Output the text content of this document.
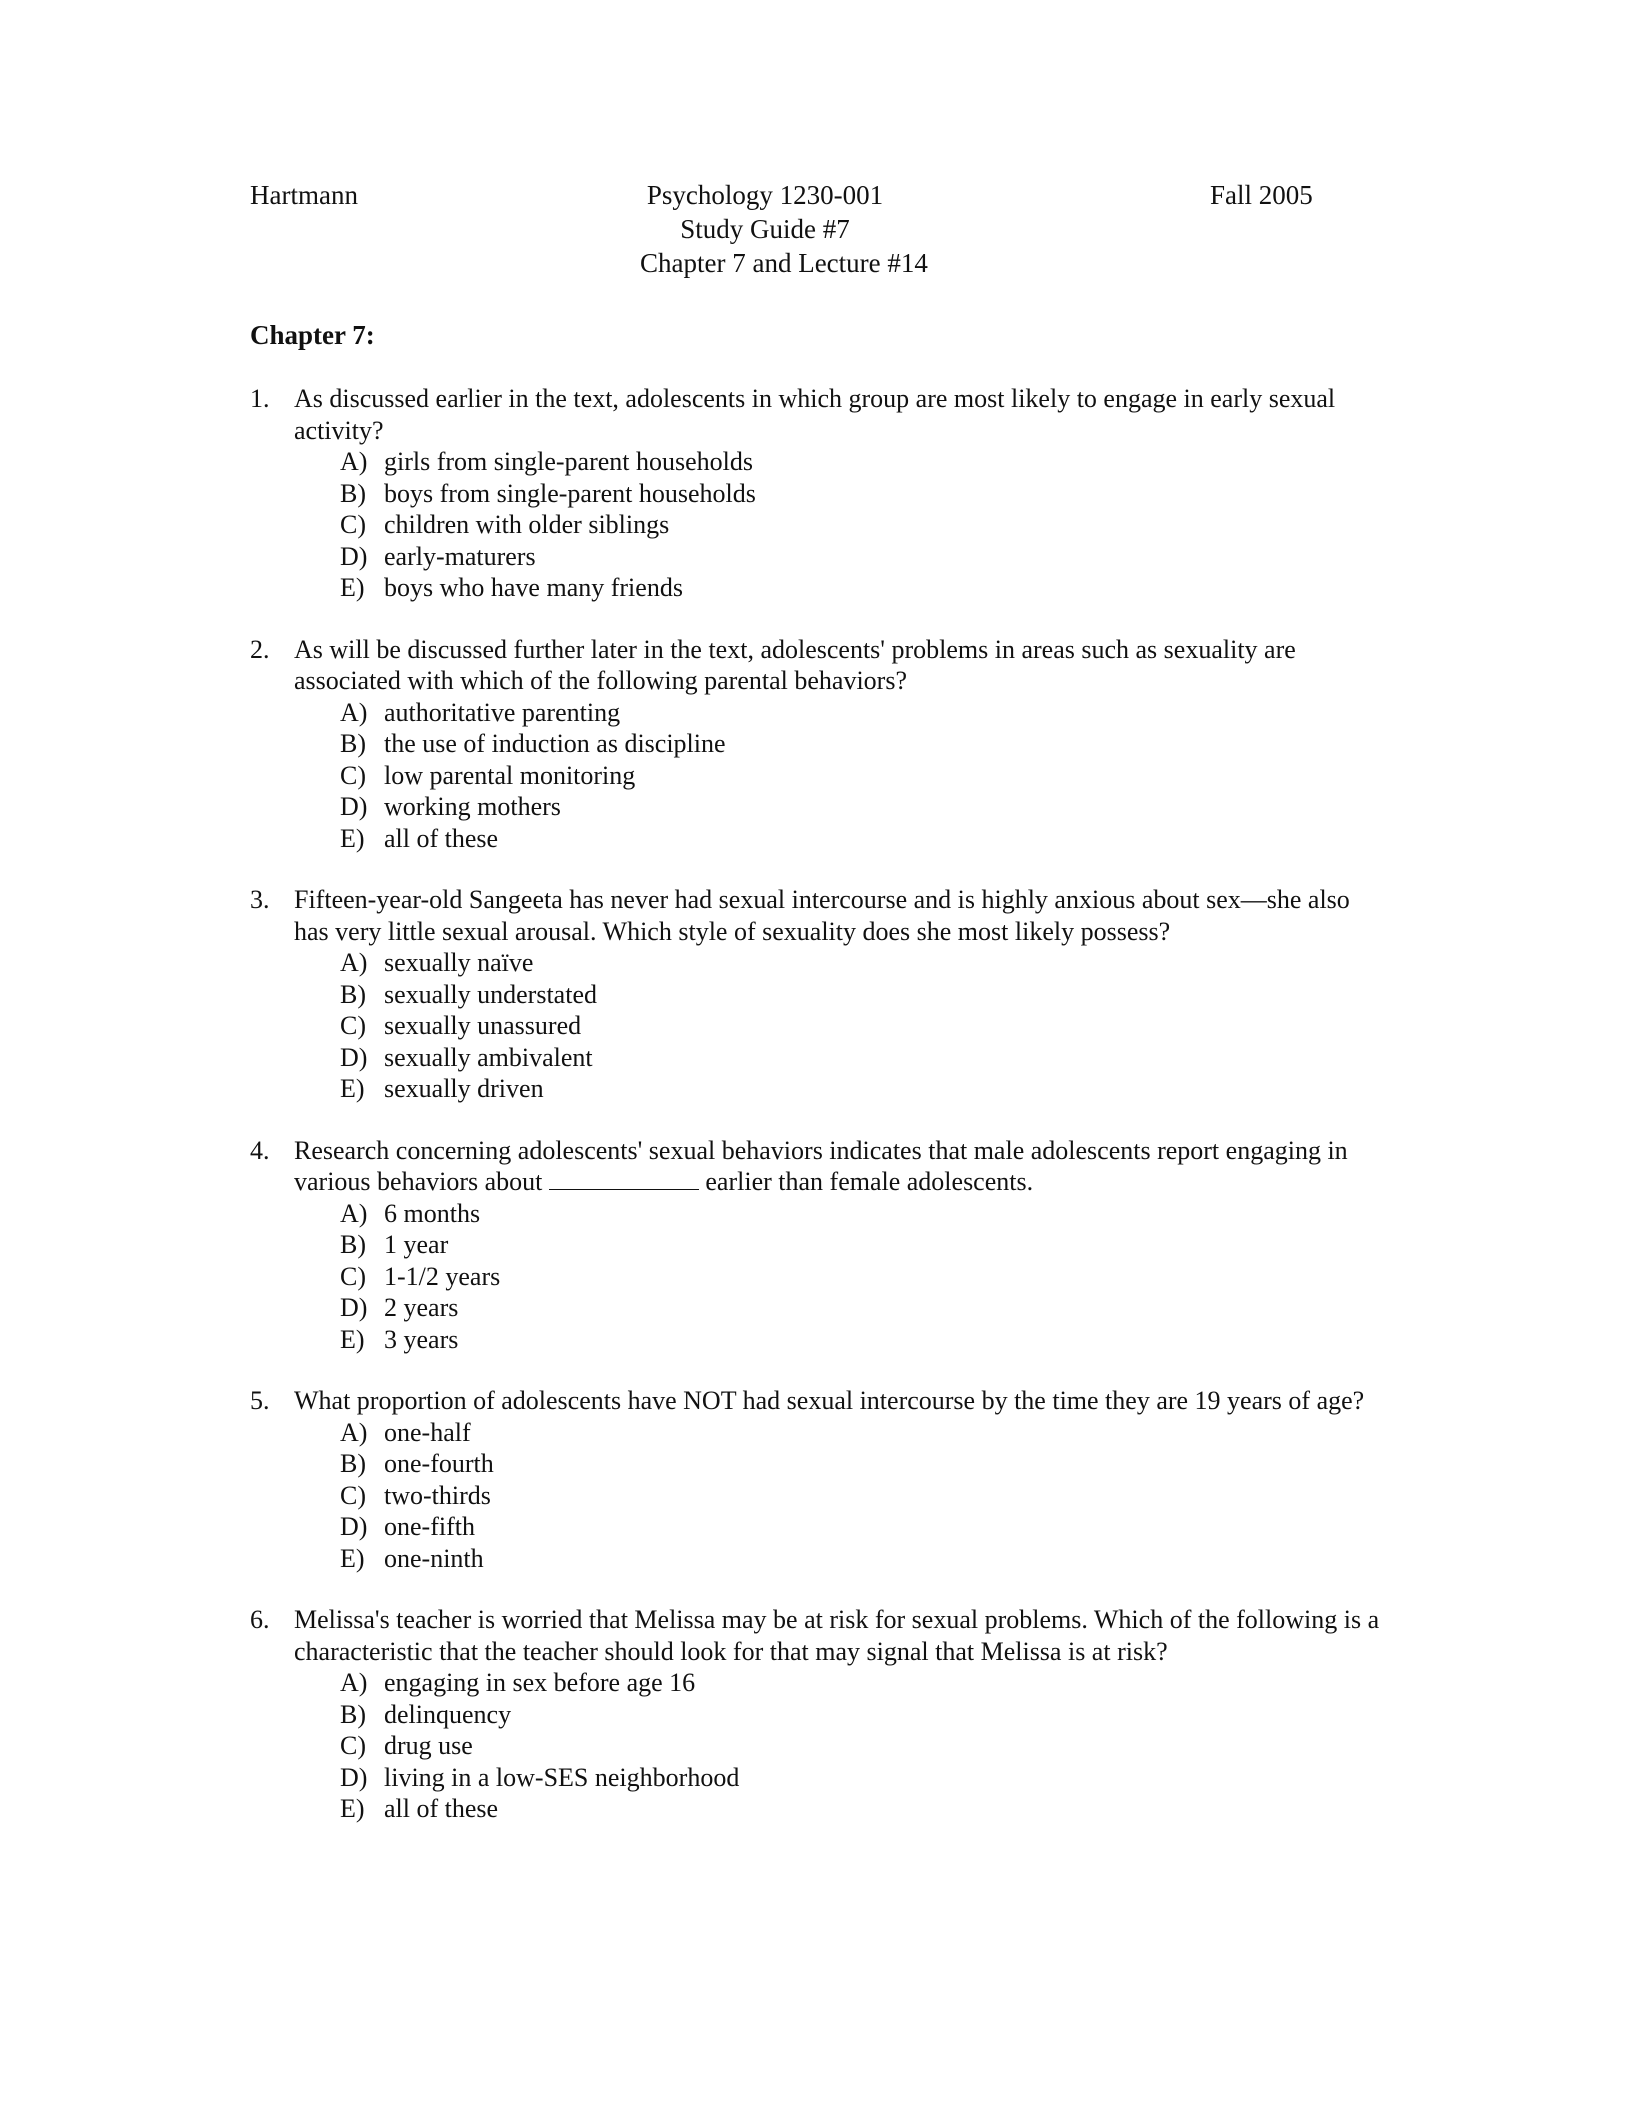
Hartmann	Psychology 1230-001
Study Guide #7
Chapter 7 and Lecture #14
Fall 2005
Chapter 7:
1. As discussed earlier in the text, adolescents in which group are most likely to engage in early sexual activity?
A) girls from single-parent households
B) boys from single-parent households
C) children with older siblings
D) early-maturers
E) boys who have many friends
2. As will be discussed further later in the text, adolescents' problems in areas such as sexuality are associated with which of the following parental behaviors?
A) authoritative parenting
B) the use of induction as discipline
C) low parental monitoring
D) working mothers
E) all of these
3. Fifteen-year-old Sangeeta has never had sexual intercourse and is highly anxious about sex—she also has very little sexual arousal. Which style of sexuality does she most likely possess?
A) sexually naïve
B) sexually understated
C) sexually unassured
D) sexually ambivalent
E) sexually driven
4. Research concerning adolescents' sexual behaviors indicates that male adolescents report engaging in various behaviors about	earlier than female adolescents.
A) 6 months
B) 1 year
C) 1-1/2 years
D) 2 years
E) 3 years
5. What proportion of adolescents have NOT had sexual intercourse by the time they are 19 years of age?
A) one-half
B) one-fourth
C) two-thirds
D) one-fifth
E) one-ninth
6. Melissa's teacher is worried that Melissa may be at risk for sexual problems. Which of the following is a characteristic that the teacher should look for that may signal that Melissa is at risk?
A) engaging in sex before age 16
B) delinquency
C) drug use
D) living in a low-SES neighborhood
E) all of these
